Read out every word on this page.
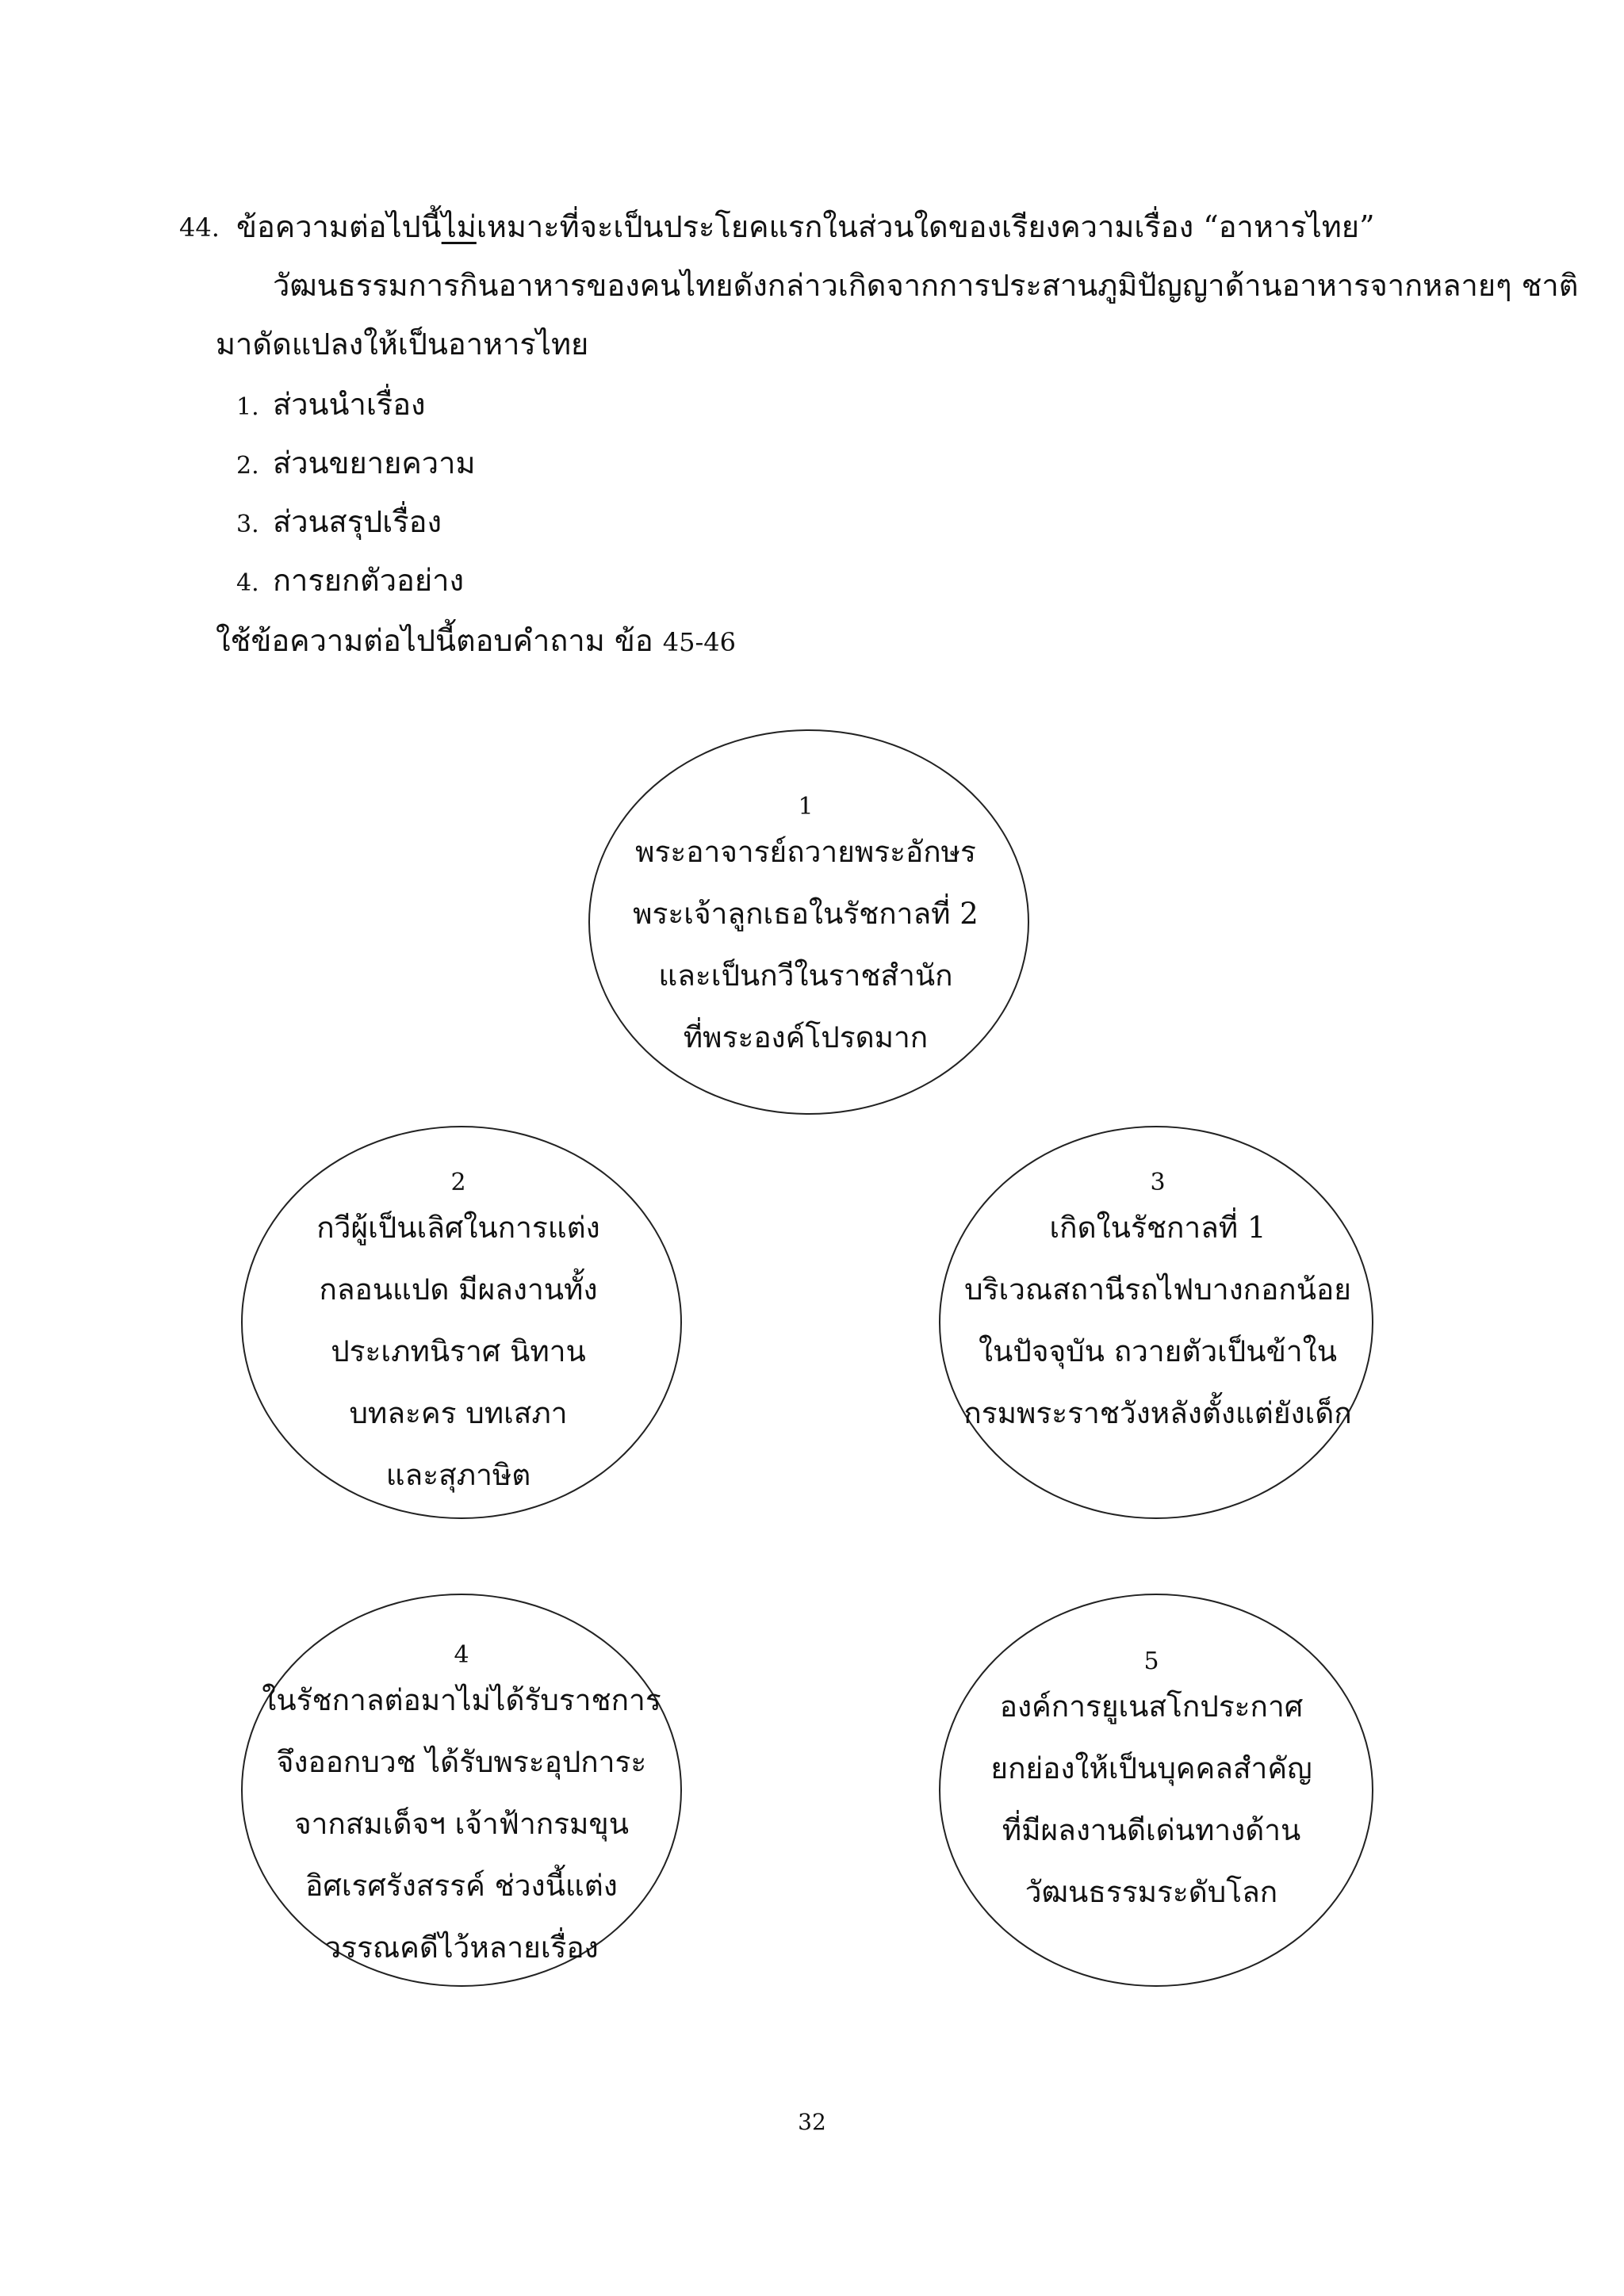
44. ข้อความต่อไปนี้ไม่เหมาะที่จะเป็นประโยคแรกในส่วนใดของเรียงความเรื่อง “อาหารไทย”
วัฒนธรรมการกินอาหารของคนไทยดังกล่าวเกิดจากการประสานภูมิปัญญาด้านอาหารจากหลายๆ ชาติ
มาดัดแปลงให้เป็นอาหารไทย
1. ส่วนนำเรื่อง
2. ส่วนขยายความ
3. ส่วนสรุปเรื่อง
4. การยกตัวอย่าง
ใช้ข้อความต่อไปนี้ตอบคำถาม ข้อ 45-46
1
พระอาจารย์ถวายพระอักษร
พระเจ้าลูกเธอในรัชกาลที่ 2
และเป็นกวีในราชสำนัก
ที่พระองค์โปรดมาก
2
กวีผู้เป็นเลิศในการแต่ง
กลอนแปด มีผลงานทั้ง
ประเภทนิราศ นิทาน
บทละคร บทเสภา
และสุภาษิต
3
เกิดในรัชกาลที่ 1
บริเวณสถานีรถไฟบางกอกน้อย
ในปัจจุบัน ถวายตัวเป็นข้าใน
กรมพระราชวังหลังตั้งแต่ยังเด็ก
4
ในรัชกาลต่อมาไม่ได้รับราชการ
จึงออกบวช ได้รับพระอุปการะ
จากสมเด็จฯ เจ้าฟ้ากรมขุน
อิศเรศรังสรรค์ ช่วงนี้แต่ง
วรรณคดีไว้หลายเรื่อง
5
องค์การยูเนสโกประกาศ
ยกย่องให้เป็นบุคคลสำคัญ
ที่มีผลงานดีเด่นทางด้าน
วัฒนธรรมระดับโลก
32
